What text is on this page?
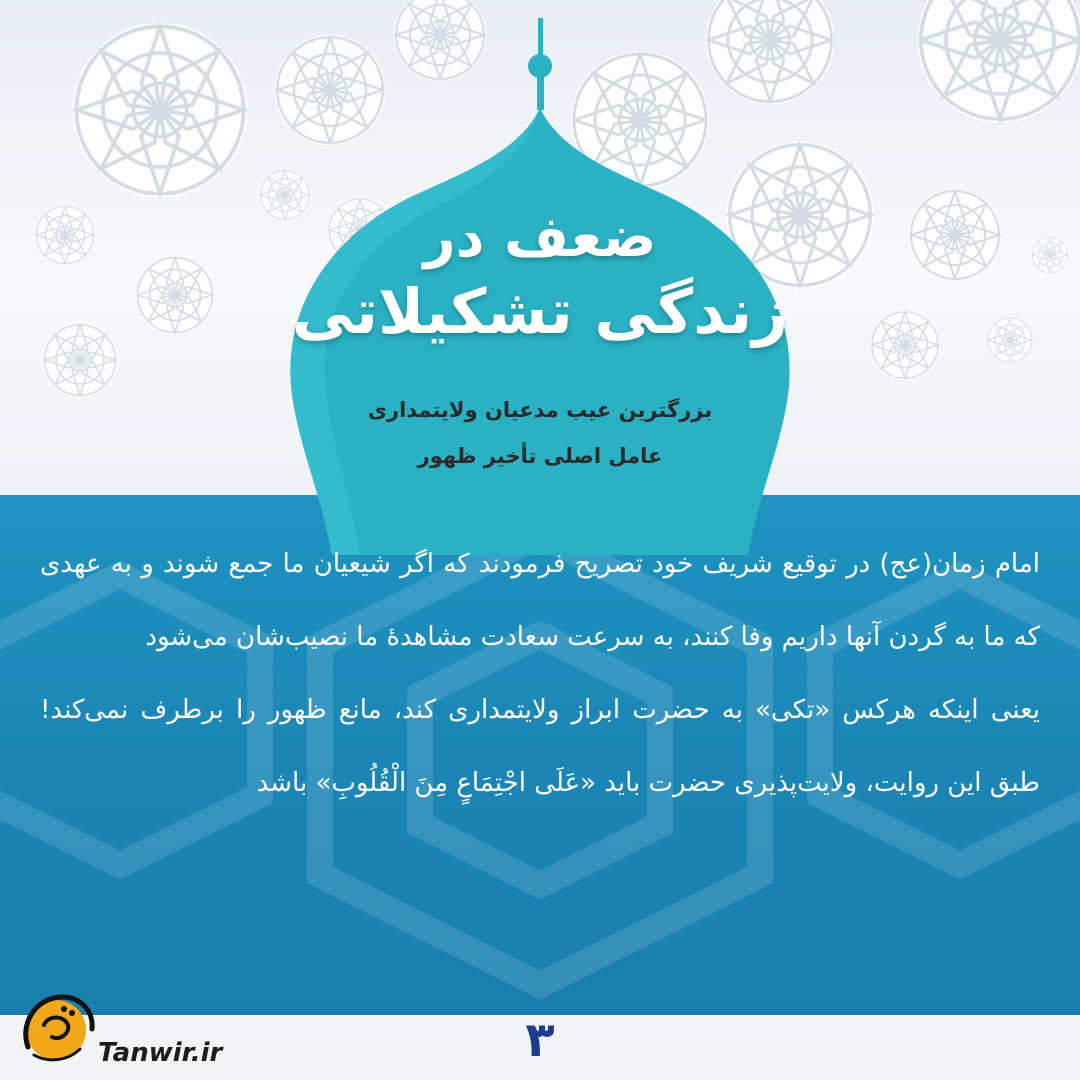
ضعف در
زندگی تشکیلاتی
بزرگترین عیب مدعیان ولایتمداری
عامل اصلی تأخیر ظهور

امام زمان(عج) در توقیع شریف خود تصریح فرمودند که اگر شیعیان ما جمع شوند و به عهدی که ما به گردن آنها داریم وفا کنند، به سرعت سعادت مشاهدهٔ ما نصیب‌شان می‌شود

یعنی اینکه هرکس «تکی» به حضرت ابراز ولایتمداری کند، مانع ظهور را برطرف نمی‌کند! طبق این روایت، ولایت‌پذیری حضرت باید «عَلَی اجْتِمَاعٍ مِنَ الْقُلُوبِ» باشد

۳
Tanwir.ir
